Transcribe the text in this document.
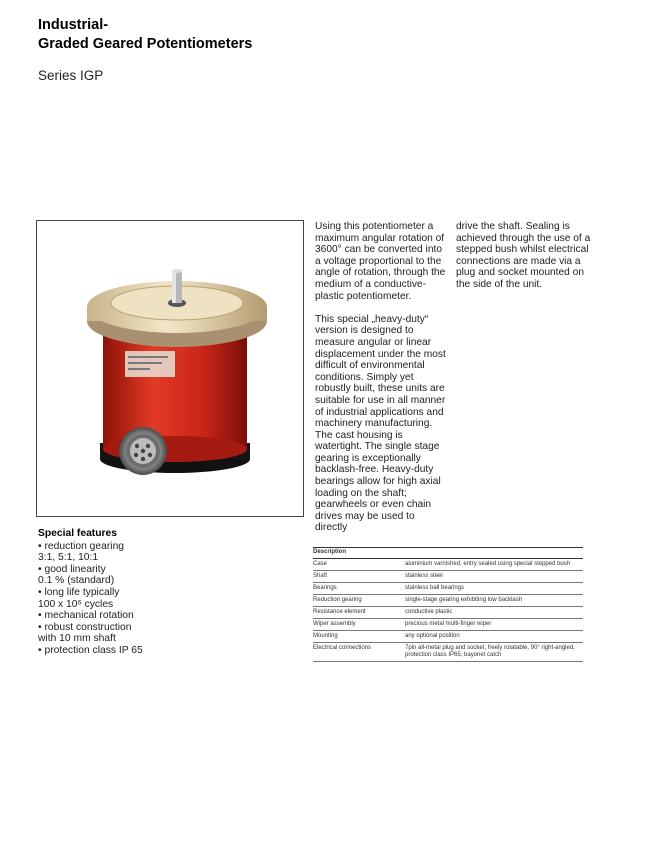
Industrial-
Graded Geared Potentiometers
Series IGP

Using this potentiometer a maximum angular rotation of 3600° can be converted into a voltage proportional to the angle of rotation, through the medium of a conductive-plastic potentiometer.

This special „heavy-duty“ version is designed to measure angular or linear displacement under the most difficult of environmental conditions. Simply yet robustly built, these units are suitable for use in all manner of industrial applications and machinery manufacturing. The cast housing is watertight. The single stage gearing is exceptionally backlash-free. Heavy-duty bearings allow for high axial loading on the shaft; gearwheels or even chain drives may be used to directly

drive the shaft. Sealing is achieved through the use of a stepped bush whilst electrical connections are made via a plug and socket mounted on the side of the unit.

Special features
• reduction gearing
3:1, 5:1, 10:1
• good linearity
0.1 % (standard)
• long life typically
100 x 10⁶ cycles
• mechanical rotation
• robust construction
with 10 mm shaft
• protection class IP 65
Description
Case	aluminium varnished, entry sealed using special stepped bush
Shaft	stainless steel
Bearings	stainless ball bearings
Reduction gearing	single-stage gearing exhibiting low backlash
Resistance element	conductive plastic
Wiper assembly	precious metal multi-finger wiper
Mounting	any optional position
Electrical connections	7pin all-metal plug and socket, freely rotatable, 90° right-angled, protection class IP65, bayonet catch
